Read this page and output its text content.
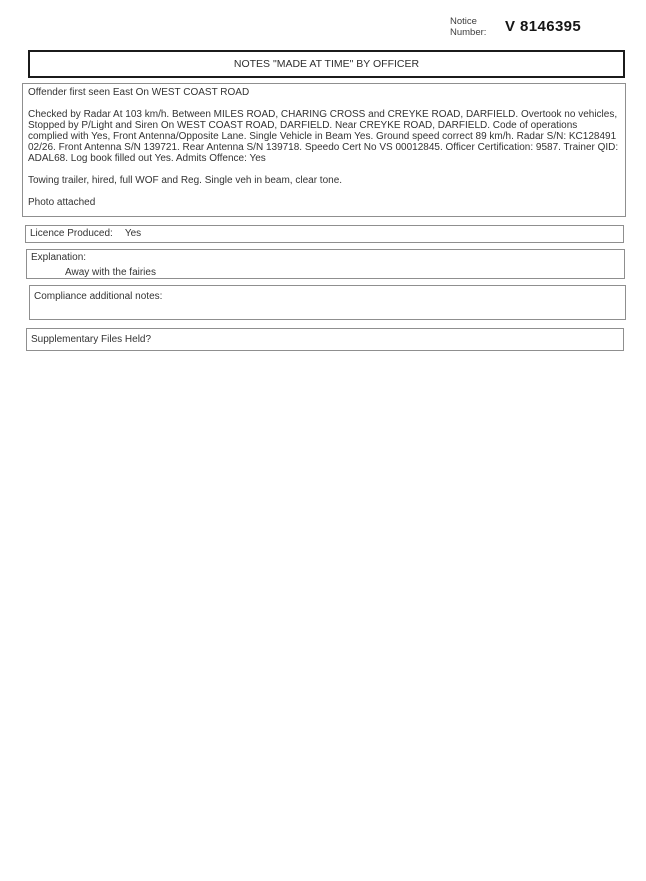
Notice
Number: V 8146395
NOTES "MADE AT TIME" BY OFFICER

Offender first seen East On WEST COAST ROAD

Checked by Radar At 103 km/h. Between MILES ROAD, CHARING CROSS and CREYKE ROAD, DARFIELD. Overtook no vehicles, Stopped by P/Light and Siren On WEST COAST ROAD, DARFIELD. Near CREYKE ROAD, DARFIELD. Code of operations complied with Yes, Front Antenna/Opposite Lane. Single Vehicle in Beam Yes. Ground speed correct 89 km/h. Radar S/N: KC128491 02/26. Front Antenna S/N 139721. Rear Antenna S/N 139718. Speedo Cert No VS 00012845. Officer Certification: 9587. Trainer QID: ADAL68. Log book filled out Yes. Admits Offence: Yes

Towing trailer, hired, full WOF and Reg. Single veh in beam, clear tone.

Photo attached

Licence Produced: Yes
Explanation:
Away with the fairies
Compliance additional notes:
Supplementary Files Held?
